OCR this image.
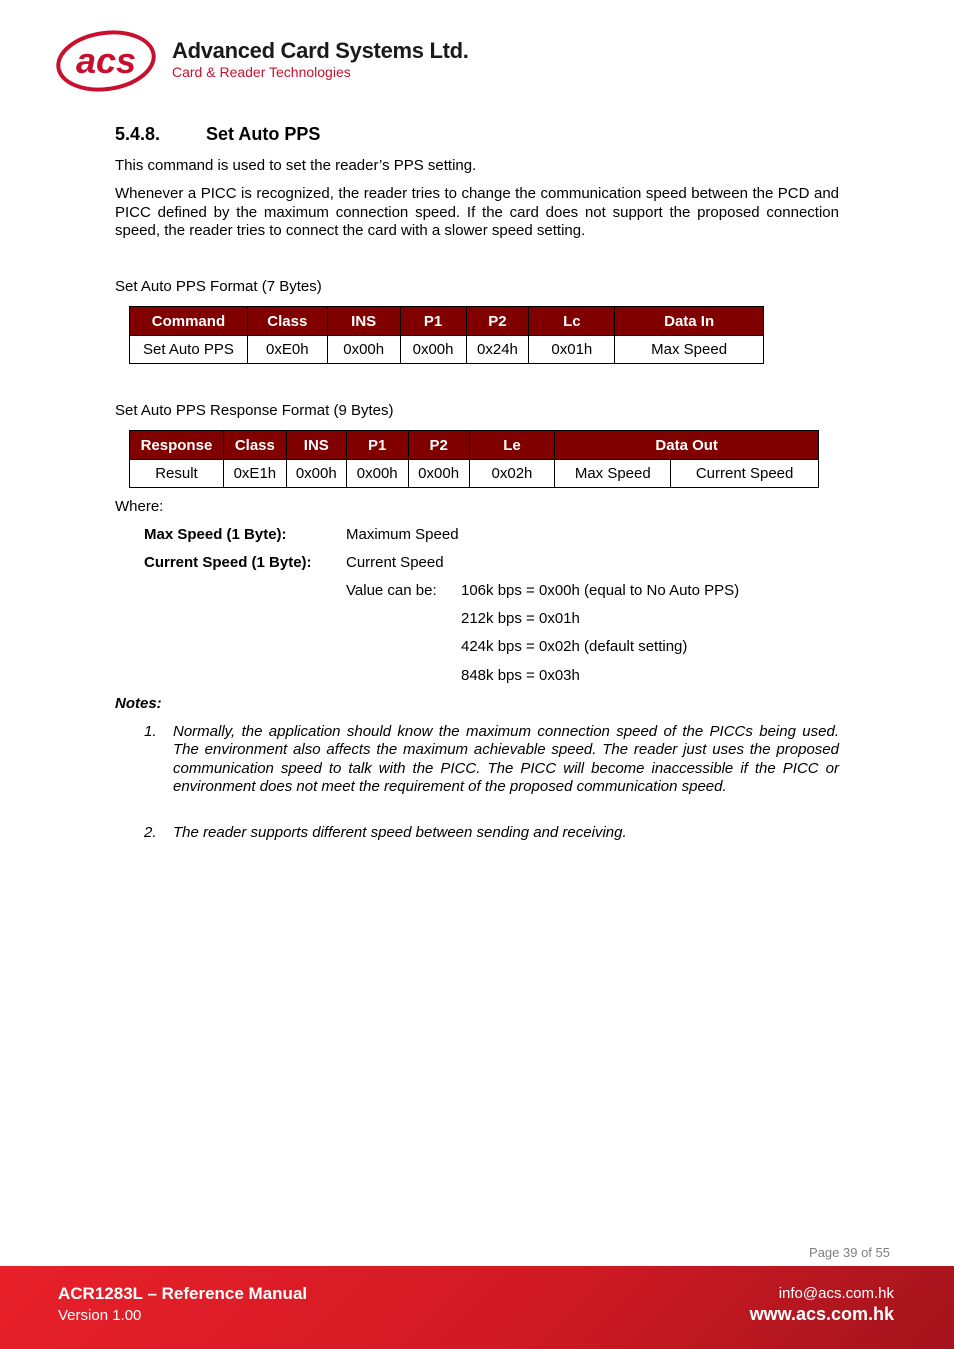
acs Advanced Card Systems Ltd.
Card & Reader Technologies
5.4.8.	Set Auto PPS
This command is used to set the reader’s PPS setting.
Whenever a PICC is recognized, the reader tries to change the communication speed between the PCD and PICC defined by the maximum connection speed. If the card does not support the proposed connection speed, the reader tries to connect the card with a slower speed setting.
Set Auto PPS Format (7 Bytes)
Command	Class	INS	P1	P2	Lc	Data In
Set Auto PPS	0xE0h	0x00h	0x00h	0x24h	0x01h	Max Speed
Set Auto PPS Response Format (9 Bytes)
Response	Class	INS	P1	P2	Le	Data Out	
Result	0xE1h	0x00h	0x00h	0x00h	0x02h	Max Speed	Current Speed
Where:
Max Speed (1 Byte):	Maximum Speed
Current Speed (1 Byte): Current Speed
Value can be: 106k bps = 0x00h (equal to No Auto PPS)
212k bps = 0x01h
424k bps = 0x02h (default setting)
848k bps = 0x03h
Notes:
1. Normally, the application should know the maximum connection speed of the PICCs being used. The environment also affects the maximum achievable speed. The reader just uses the proposed communication speed to talk with the PICC. The PICC will become inaccessible if the PICC or environment does not meet the requirement of the proposed communication speed.
2. The reader supports different speed between sending and receiving.
Page 39 of 55
ACR1283L – Reference Manual
Version 1.00
info@acs.com.hk
www.acs.com.hk
